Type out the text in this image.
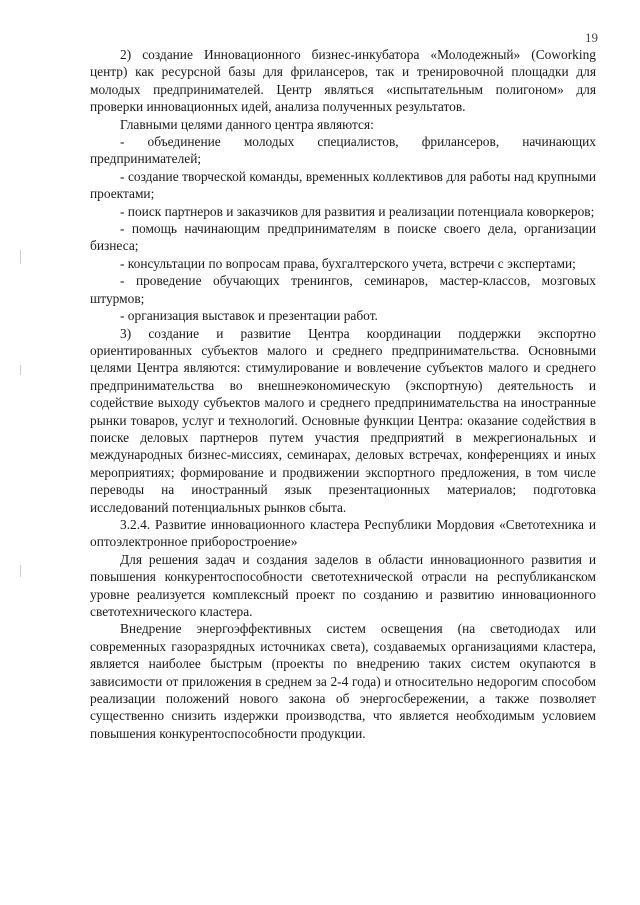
19

2) создание Инновационного бизнес-инкубатора «Молодежный» (Coworking центр) как ресурсной базы для фрилансеров, так и тренировочной площадки для молодых предпринимателей. Центр являться «испытательным полигоном» для проверки инновационных идей, анализа полученных результатов.

Главными целями данного центра являются:

- объединение молодых специалистов, фрилансеров, начинающих предпринимателей;

- создание творческой команды, временных коллективов для работы над крупными проектами;

- поиск партнеров и заказчиков для развития и реализации потенциала коворкеров;

- помощь начинающим предпринимателям в поиске своего дела, организации бизнеса;

- консультации по вопросам права, бухгалтерского учета, встречи с экспертами;

- проведение обучающих тренингов, семинаров, мастер-классов, мозговых штурмов;

- организация выставок и презентации работ.

3) создание и развитие Центра координации поддержки экспортно ориентированных субъектов малого и среднего предпринимательства. Основными целями Центра являются: стимулирование и вовлечение субъектов малого и среднего предпринимательства во внешнеэкономическую (экспортную) деятельность и содействие выходу субъектов малого и среднего предпринимательства на иностранные рынки товаров, услуг и технологий. Основные функции Центра: оказание содействия в поиске деловых партнеров путем участия предприятий в межрегиональных и международных бизнес-миссиях, семинарах, деловых встречах, конференциях и иных мероприятиях; формирование и продвижении экспортного предложения, в том числе переводы на иностранный язык презентационных материалов; подготовка исследований потенциальных рынков сбыта.

3.2.4. Развитие инновационного кластера Республики Мордовия «Светотехника и оптоэлектронное приборостроение»

Для решения задач и создания заделов в области инновационного развития и повышения конкурентоспособности светотехнической отрасли на республиканском уровне реализуется комплексный проект по созданию и развитию инновационного светотехнического кластера.

Внедрение энергоэффективных систем освещения (на светодиодах или современных газоразрядных источниках света), создаваемых организациями кластера, является наиболее быстрым (проекты по внедрению таких систем окупаются в зависимости от приложения в среднем за 2-4 года) и относительно недорогим способом реализации положений нового закона об энергосбережении, а также позволяет существенно снизить издержки производства, что является необходимым условием повышения конкурентоспособности продукции.
